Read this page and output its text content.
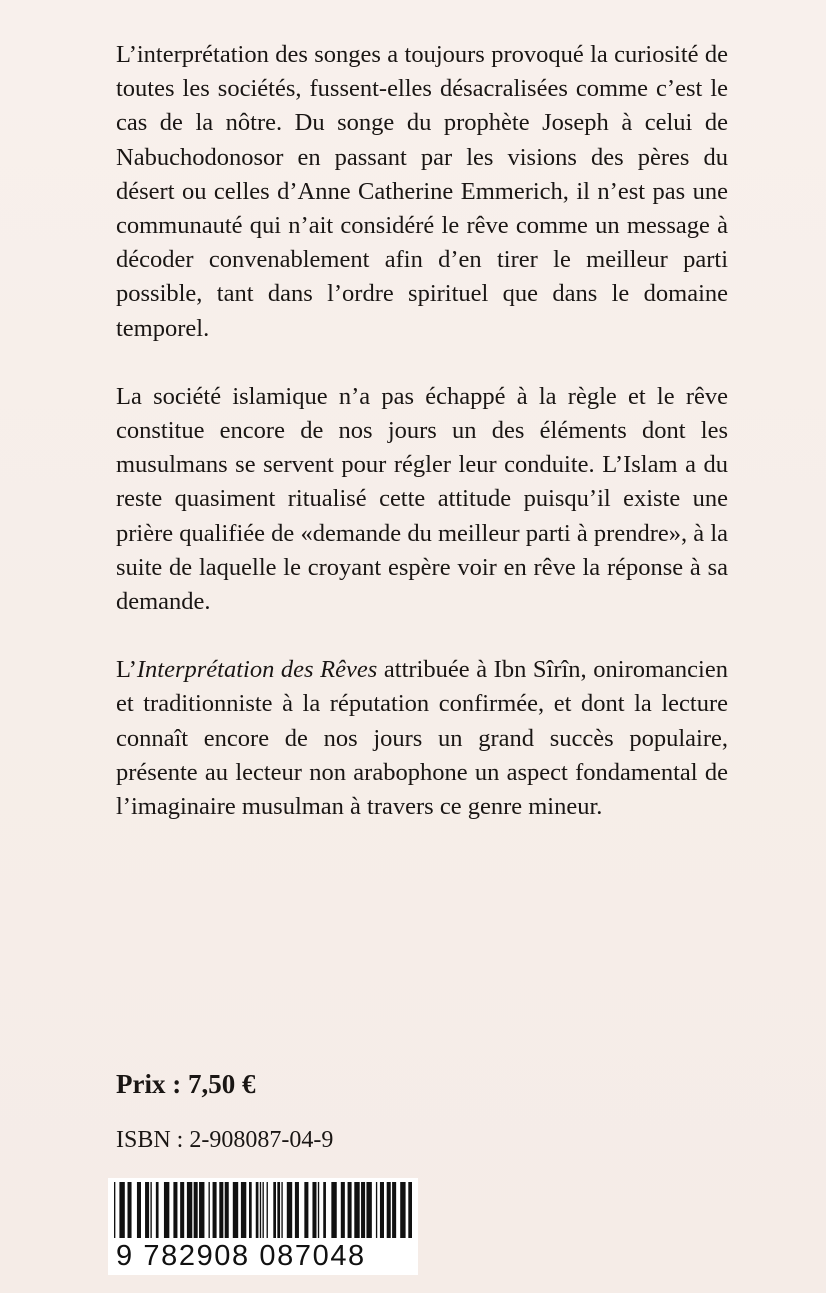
L’interprétation des songes a toujours provoqué la curiosité de toutes les sociétés, fussent-elles désacralisées comme c’est le cas de la nôtre. Du songe du prophète Joseph à celui de Nabuchodonosor en passant par les visions des pères du désert ou celles d’Anne Catherine Emmerich, il n’est pas une communauté qui n’ait considéré le rêve comme un message à décoder convenablement afin d’en tirer le meilleur parti possible, tant dans l’ordre spirituel que dans le domaine temporel.

La société islamique n’a pas échappé à la règle et le rêve constitue encore de nos jours un des éléments dont les musulmans se servent pour régler leur conduite. L’Islam a du reste quasiment ritualisé cette attitude puisqu’il existe une prière qualifiée de «demande du meilleur parti à prendre», à la suite de laquelle le croyant espère voir en rêve la réponse à sa demande.

L’Interprétation des Rêves attribuée à Ibn Sîrîn, oniromancien et traditionniste à la réputation confirmée, et dont la lecture connaît encore de nos jours un grand succès populaire, présente au lecteur non arabophone un aspect fondamental de l’imaginaire musulman à travers ce genre mineur.

Prix : 7,50 €
ISBN : 2-908087-04-9
9 782908 087048
